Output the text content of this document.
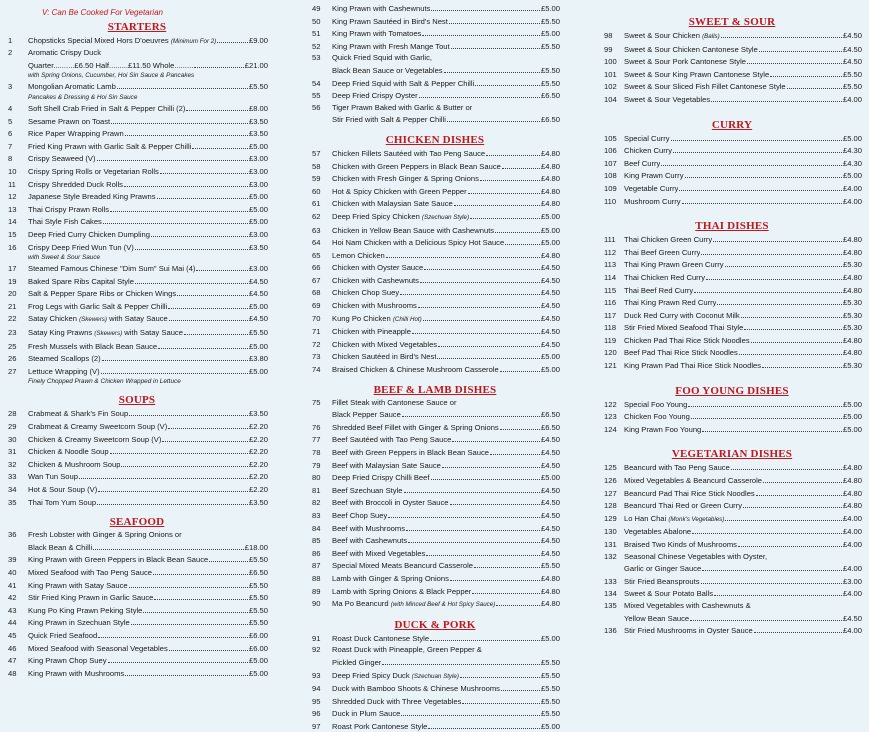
V: Can Be Cooked For Vegetarian
STARTERS
1	Chopsticks Special Mixed Hors D'oeuvres (Minimum For 2)	£9.00
2	Aromatic Crispy Duck
Quarter..........£6.50 Half.........£11.50 Whole.........	£21.00
with Spring Onions, Cucumber, Hoi Sin Sauce & Pancakes
3	Mongolian Aromatic Lamb	£5.50
Pancakes & Dressing & Hoi Sin Sauce
4	Soft Shell Crab Fried in Salt & Pepper Chilli (2)	£8.00
5	Sesame Prawn on Toast	£3.50
6	Rice Paper Wrapping Prawn	£3.50
7	Fried King Prawn with Garlic Salt & Pepper Chilli	£5.00
8	Crispy Seaweed (V)	£3.00
10	Crispy Spring Rolls or Vegetarian Rolls	£3.00
11	Crispy Shredded Duck Rolls	£3.00
12	Japanese Style Breaded King Prawns	£5.00
13	Thai Crispy Prawn Rolls	£5.00
14	Thai Style Fish Cakes	£5.00
15	Deep Fried Curry Chicken Dumpling	£3.00
16	Crispy Deep Fried Wun Tun (V)	£3.50
with Sweet & Sour Sauce
17	Steamed Famous Chinese "Dim Sum" Sui Mai (4)	£3.00
19	Baked Spare Ribs Capital Style	£4.50
20	Salt & Pepper Spare Ribs or Chicken Wings	£4.50
21	Frog Legs with Garlic Salt & Pepper Chilli	£5.00
22	Satay Chicken (Skewers) with Satay Sauce	£4.50
23	Satay King Prawns (Skewers) with Satay Sauce	£5.50
25	Fresh Mussels with Black Bean Sauce	£5.00
26	Steamed Scallops (2)	£3.80
27	Lettuce Wrapping (V)	£5.00
Finely Chopped Prawn & Chicken Wrapped in Lettuce
SOUPS
28	Crabmeat & Shark's Fin Soup	£3.50
29	Crabmeat & Creamy Sweetcorn Soup (V)	£2.20
30	Chicken & Creamy Sweetcorn Soup (V)	£2.20
31	Chicken & Noodle Soup	£2.20
32	Chicken & Mushroom Soup	£2.20
33	Wan Tun Soup	£2.20
34	Hot & Sour Soup (V)	£2.20
35	Thai Tom Yum Soup	£3.50
SEAFOOD
36	Fresh Lobster with Ginger & Spring Onions or
Black Bean & Chilli	£18.00
39	King Prawn with Green Peppers in Black Bean Sauce	£5.50
40	Mixed Seafood with Tao Peng Sauce	£6.50
41	King Prawn with Satay Sauce	£5.50
42	Stir Fried King Prawn in Garlic Sauce	£5.50
43	Kung Po King Prawn Peking Style	£5.50
44	King Prawn in Szechuan Style	£5.50
45	Quick Fried Seafood	£6.00
46	Mixed Seafood with Seasonal Vegetables	£6.00
47	King Prawn Chop Suey	£5.00
48	King Prawn with Mushrooms	£5.00
49	King Prawn with Cashewnuts	£5.00
50	King Prawn Sautéed in Bird's Nest	£5.50
51	King Prawn with Tomatoes	£5.00
52	King Prawn with Fresh Mange Tout	£5.50
53	Quick Fried Squid with Garlic,
Black Bean Sauce or Vegetables	£5.50
54	Deep Fried Squid with Salt & Pepper Chilli	£5.50
55	Deep Fried Crispy Oyster	£6.50
56	Tiger Prawn Baked with Garlic & Butter or
Stir Fried with Salt & Pepper Chilli	£6.50
CHICKEN DISHES
57	Chicken Fillets Sautéed with Tao Peng Sauce	£4.80
58	Chicken with Green Peppers in Black Bean Sauce	£4.80
59	Chicken with Fresh Ginger & Spring Onions	£4.80
60	Hot & Spicy Chicken with Green Pepper	£4.80
61	Chicken with Malaysian Sate Sauce	£4.80
62	Deep Fried Spicy Chicken (Szechuan Style)	£5.00
63	Chicken in Yellow Bean Sauce with Cashewnuts	£5.00
64	Hoi Nam Chicken with a Delicious Spicy Hot Sauce	£5.00
65	Lemon Chicken	£4.80
66	Chicken with Oyster Sauce	£4.50
67	Chicken with Cashewnuts	£4.50
68	Chicken Chop Suey	£4.50
69	Chicken with Mushrooms	£4.50
70	Kung Po Chicken (Chilli Hot)	£4.50
71	Chicken with Pineapple	£4.50
72	Chicken with Mixed Vegetables	£4.50
73	Chicken Sautéed in Bird's Nest	£5.00
74	Braised Chicken & Chinese Mushroom Casserole	£5.00
BEEF & LAMB DISHES
75	Fillet Steak with Cantonese Sauce or
Black Pepper Sauce	£6.50
76	Shredded Beef Fillet with Ginger & Spring Onions	£6.50
77	Beef Sautéed with Tao Peng Sauce	£4.50
78	Beef with Green Peppers in Black Bean Sauce	£4.50
79	Beef with Malaysian Sate Sauce	£4.50
80	Deep Fried Crispy Chilli Beef	£5.00
81	Beef Szechuan Style	£4.50
82	Beef with Broccoli in Oyster Sauce	£4.50
83	Beef Chop Suey	£4.50
84	Beef with Mushrooms	£4.50
85	Beef with Cashewnuts	£4.50
86	Beef with Mixed Vegetables	£4.50
87	Special Mixed Meats Beancurd Casserole	£5.50
88	Lamb with Ginger & Spring Onions	£4.80
89	Lamb with Spring Onions & Black Pepper	£4.80
90	Ma Po Beancurd (with Minced Beef & Hot Spicy Sauce)	£4.80
DUCK & PORK
91	Roast Duck Cantonese Style	£5.00
92	Roast Duck with Pineapple, Green Pepper &
Pickled Ginger	£5.50
93	Deep Fried Spicy Duck (Szechuan Style)	£5.50
94	Duck with Bamboo Shoots & Chinese Mushrooms	£5.50
95	Shredded Duck with Three Vegetables	£5.50
96	Duck in Plum Sauce	£5.50
97	Roast Pork Cantonese Style	£5.00
SWEET & SOUR
98	Sweet & Sour Chicken (Balls)	£4.50
99	Sweet & Sour Chicken Cantonese Style	£4.50
100 Sweet & Sour Pork Cantonese Style	£4.50
101 Sweet & Sour King Prawn Cantonese Style	£5.50
102 Sweet & Sour Sliced Fish Fillet Cantonese Style	£5.50
104 Sweet & Sour Vegetables	£4.00
CURRY
105 Special Curry	£5.00
106 Chicken Curry	£4.30
107 Beef Curry	£4.30
108 King Prawn Curry	£5.00
109 Vegetable Curry	£4.00
110	Mushroom Curry	£4.00
THAI DISHES
111	Thai Chicken Green Curry	£4.80
112	Thai Beef Green Curry	£4.80
113	Thai King Prawn Green Curry	£5.30
114	Thai Chicken Red Curry	£4.80
115	Thai Beef Red Curry	£4.80
116	Thai King Prawn Red Curry	£5.30
117	Duck Red Curry with Coconut Milk	£5.30
118	Stir Fried Mixed Seafood Thai Style	£5.30
119	Chicken Pad Thai Rice Stick Noodles	£4.80
120 Beef Pad Thai Rice Stick Noodles	£4.80
121 King Prawn Pad Thai Rice Stick Noodles	£5.30
FOO YOUNG DISHES
122 Special Foo Young	£5.00
123 Chicken Foo Young	£5.00
124 King Prawn Foo Young	£5.00
VEGETARIAN DISHES
125 Beancurd with Tao Peng Sauce	£4.80
126 Mixed Vegetables & Beancurd Casserole	£4.80
127 Beancurd Pad Thai Rice Stick Noodles	£4.80
128 Beancurd Thai Red or Green Curry	£4.80
129 Lo Han Chai (Monk's Vegetables)	£4.00
130 Vegetables Abalone	£4.00
131 Braised Two Kinds of Mushrooms	£4.00
132 Seasonal Chinese Vegetables with Oyster,
Garlic or Ginger Sauce	£4.00
133 Stir Fried Beansprouts	£3.00
134 Sweet & Sour Potato Balls	£4.00
135 Mixed Vegetables with Cashewnuts &
Yellow Bean Sauce	£4.50
136 Stir Fried Mushrooms in Oyster Sauce	£4.00
